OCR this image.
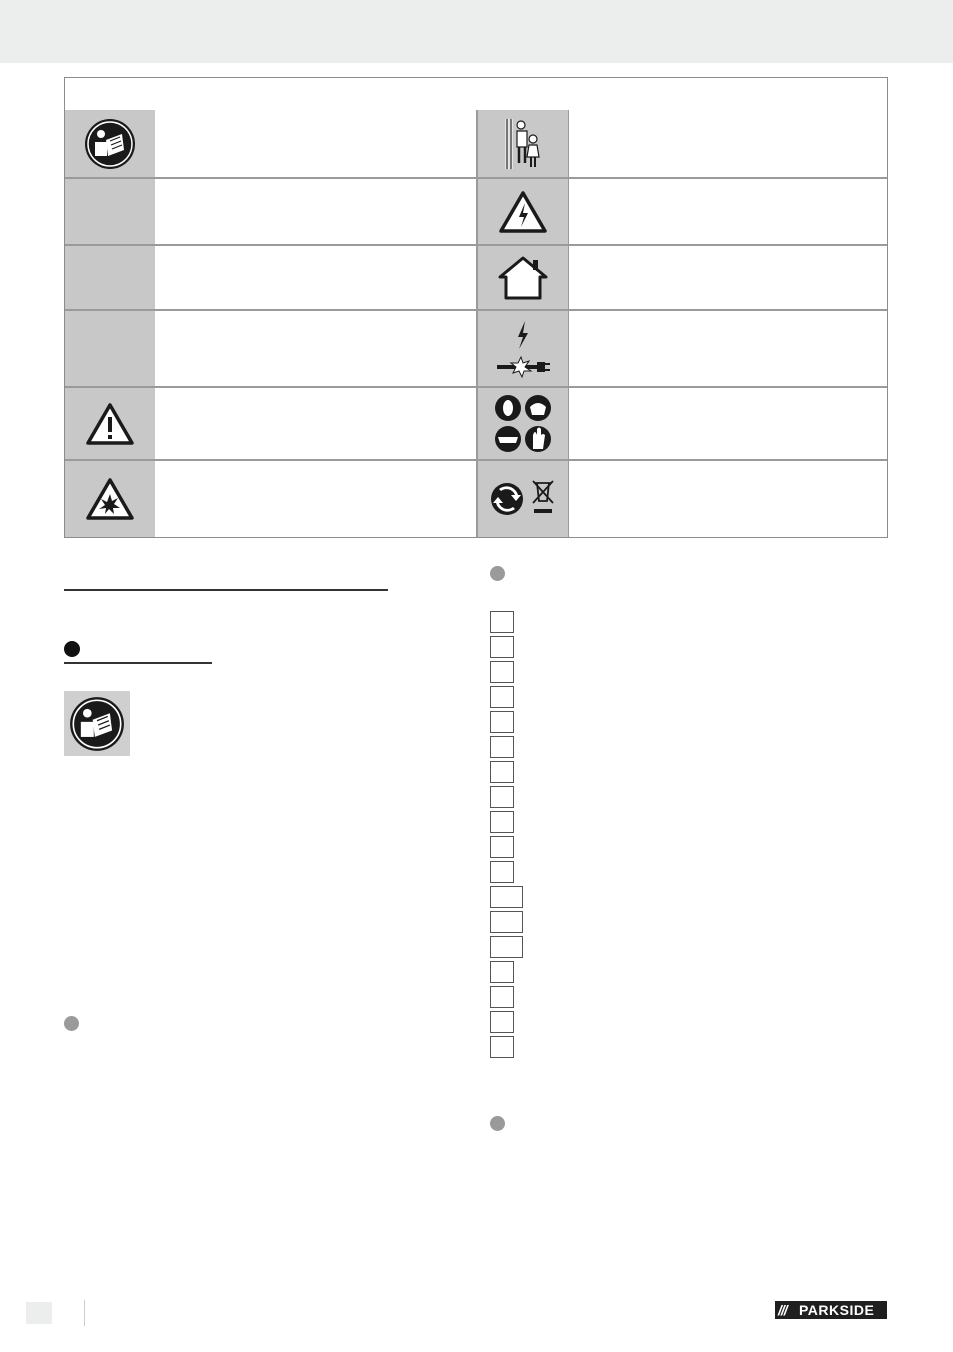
/// PARKSIDE
